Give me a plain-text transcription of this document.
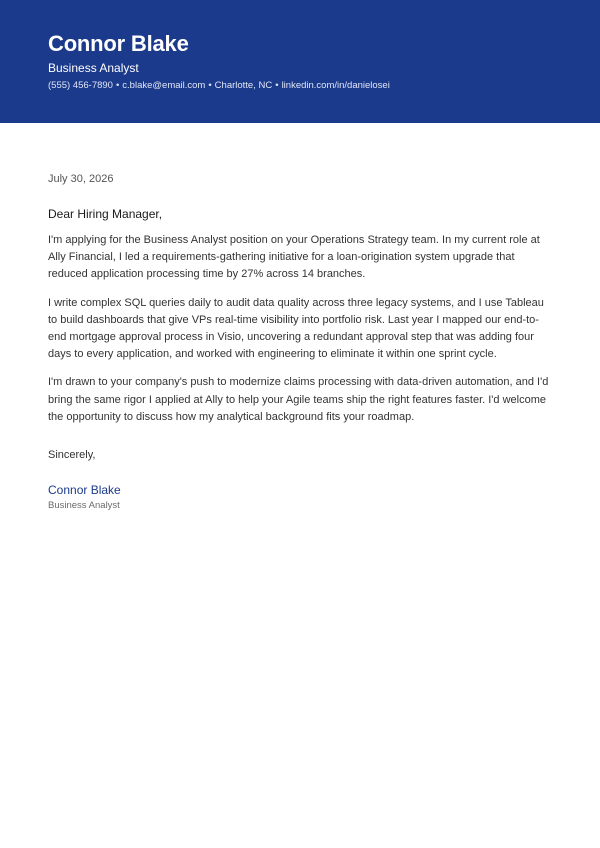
Connor Blake
Business Analyst
(555) 456-7890 • c.blake@email.com • Charlotte, NC • linkedin.com/in/danielosei

July 30, 2026

Dear Hiring Manager,

I'm applying for the Business Analyst position on your Operations Strategy team. In my current role at Ally Financial, I led a requirements-gathering initiative for a loan-origination system upgrade that reduced application processing time by 27% across 14 branches.

I write complex SQL queries daily to audit data quality across three legacy systems, and I use Tableau to build dashboards that give VPs real-time visibility into portfolio risk. Last year I mapped our end-to-end mortgage approval process in Visio, uncovering a redundant approval step that was adding four days to every application, and worked with engineering to eliminate it within one sprint cycle.

I'm drawn to your company's push to modernize claims processing with data-driven automation, and I'd bring the same rigor I applied at Ally to help your Agile teams ship the right features faster. I'd welcome the opportunity to discuss how my analytical background fits your roadmap.

Sincerely,

Connor Blake

Business Analyst
